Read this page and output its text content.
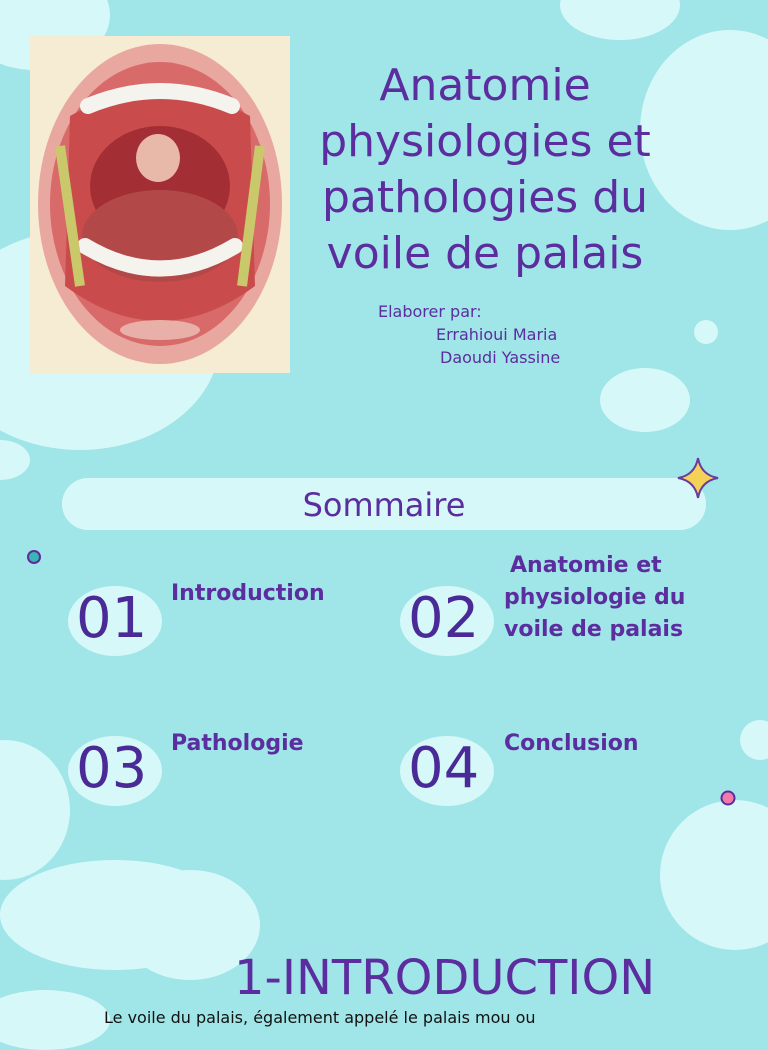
Anatomie physiologies et pathologies du voile de palais
Elaborer par:
Errahioui Maria
Daoudi Yassine
Sommaire
01 Introduction 02
Anatomie et physiologie du voile de palais
03 Pathologie 04 Conclusion
1-INTRODUCTION
Le voile du palais, également appelé le palais mou ou
